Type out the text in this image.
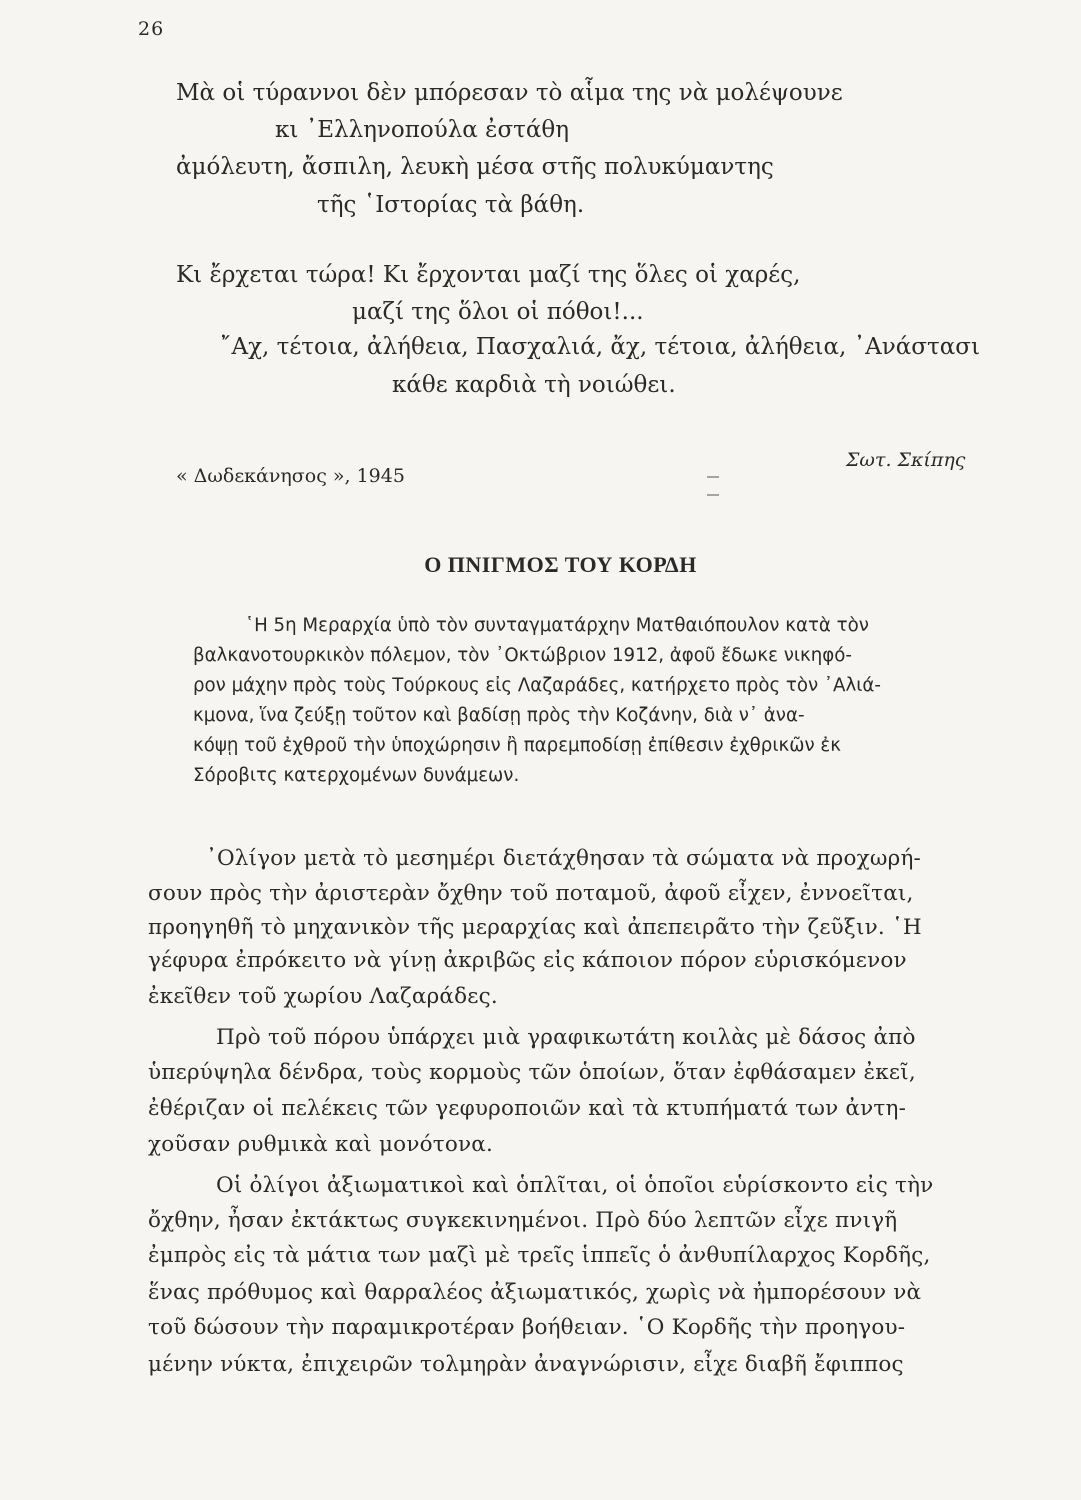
26
Μὰ οἱ τύραννοι δὲν μπόρεσαν τὸ αἷμα της νὰ μολέψουνε
κι ᾿Ελληνοπούλα ἐστάθη
ἀμόλευτη, ἄσπιλη, λευκὴ μέσα στῆς πολυκύμαντης
τῆς ῾Ιστορίας τὰ βάθη.
Κι ἔρχεται τώρα! Κι ἔρχονται μαζί της ὅλες οἱ χαρές,
μαζί της ὅλοι οἱ πόθοι!...
῎Αχ, τέτοια, ἀλήθεια, Πασχαλιά, ἄχ, τέτοια, ἀλήθεια, ᾿Ανάστασι
κάθε καρδιὰ τὴ νοιώθει.
« Δωδεκάνησος », 1945
Σωτ. Σκίπης
Ο ΠΝΙΓΜΟΣ ΤΟΥ ΚΟΡΔΗ
῾Η 5η Μεραρχία ὑπὸ τὸν συνταγματάρχην Ματθαιόπουλον κατὰ τὸν
βαλκανοτουρκικὸν πόλεμον, τὸν ᾿Οκτώβριον 1912, ἀφοῦ ἔδωκε νικηφό-
ρον μάχην πρὸς τοὺς Τούρκους εἰς Λαζαράδες, κατήρχετο πρὸς τὸν ᾿Αλιά-
κμονα, ἵνα ζεύξῃ τοῦτον καὶ βαδίσῃ πρὸς τὴν Κοζάνην, διὰ ν᾿ ἀνα-
κόψῃ τοῦ ἐχθροῦ τὴν ὑποχώρησιν ἢ παρεμποδίσῃ ἐπίθεσιν ἐχθρικῶν ἐκ
Σόροβιτς κατερχομένων δυνάμεων.
᾿Ολίγον μετὰ τὸ μεσημέρι διετάχθησαν τὰ σώματα νὰ προχωρή-
σουν πρὸς τὴν ἀριστερὰν ὄχθην τοῦ ποταμοῦ, ἀφοῦ εἶχεν, ἐννοεῖται,
προηγηθῆ τὸ μηχανικὸν τῆς μεραρχίας καὶ ἀπεπειρᾶτο τὴν ζεῦξιν. ῾Η
γέφυρα ἐπρόκειτο νὰ γίνῃ ἀκριβῶς εἰς κάποιον πόρον εὑρισκόμενον
ἐκεῖθεν τοῦ χωρίου Λαζαράδες.
Πρὸ τοῦ πόρου ὑπάρχει μιὰ γραφικωτάτη κοιλὰς μὲ δάσος ἀπὸ
ὑπερύψηλα δένδρα, τοὺς κορμοὺς τῶν ὁποίων, ὅταν ἐφθάσαμεν ἐκεῖ,
ἐθέριζαν οἱ πελέκεις τῶν γεφυροποιῶν καὶ τὰ κτυπήματά των ἀντη-
χοῦσαν ρυθμικὰ καὶ μονότονα.
Οἱ ὀλίγοι ἀξιωματικοὶ καὶ ὁπλῖται, οἱ ὁποῖοι εὑρίσκοντο εἰς τὴν
ὄχθην, ἦσαν ἐκτάκτως συγκεκινημένοι. Πρὸ δύο λεπτῶν εἶχε πνιγῆ
ἐμπρὸς εἰς τὰ μάτια των μαζὶ μὲ τρεῖς ἱππεῖς ὁ ἀνθυπίλαρχος Κορδῆς,
ἕνας πρόθυμος καὶ θαρραλέος ἀξιωματικός, χωρὶς νὰ ἠμπορέσουν νὰ
τοῦ δώσουν τὴν παραμικροτέραν βοήθειαν. ῾Ο Κορδῆς τὴν προηγου-
μένην νύκτα, ἐπιχειρῶν τολμηρὰν ἀναγνώρισιν, εἶχε διαβῆ ἔφιππος
